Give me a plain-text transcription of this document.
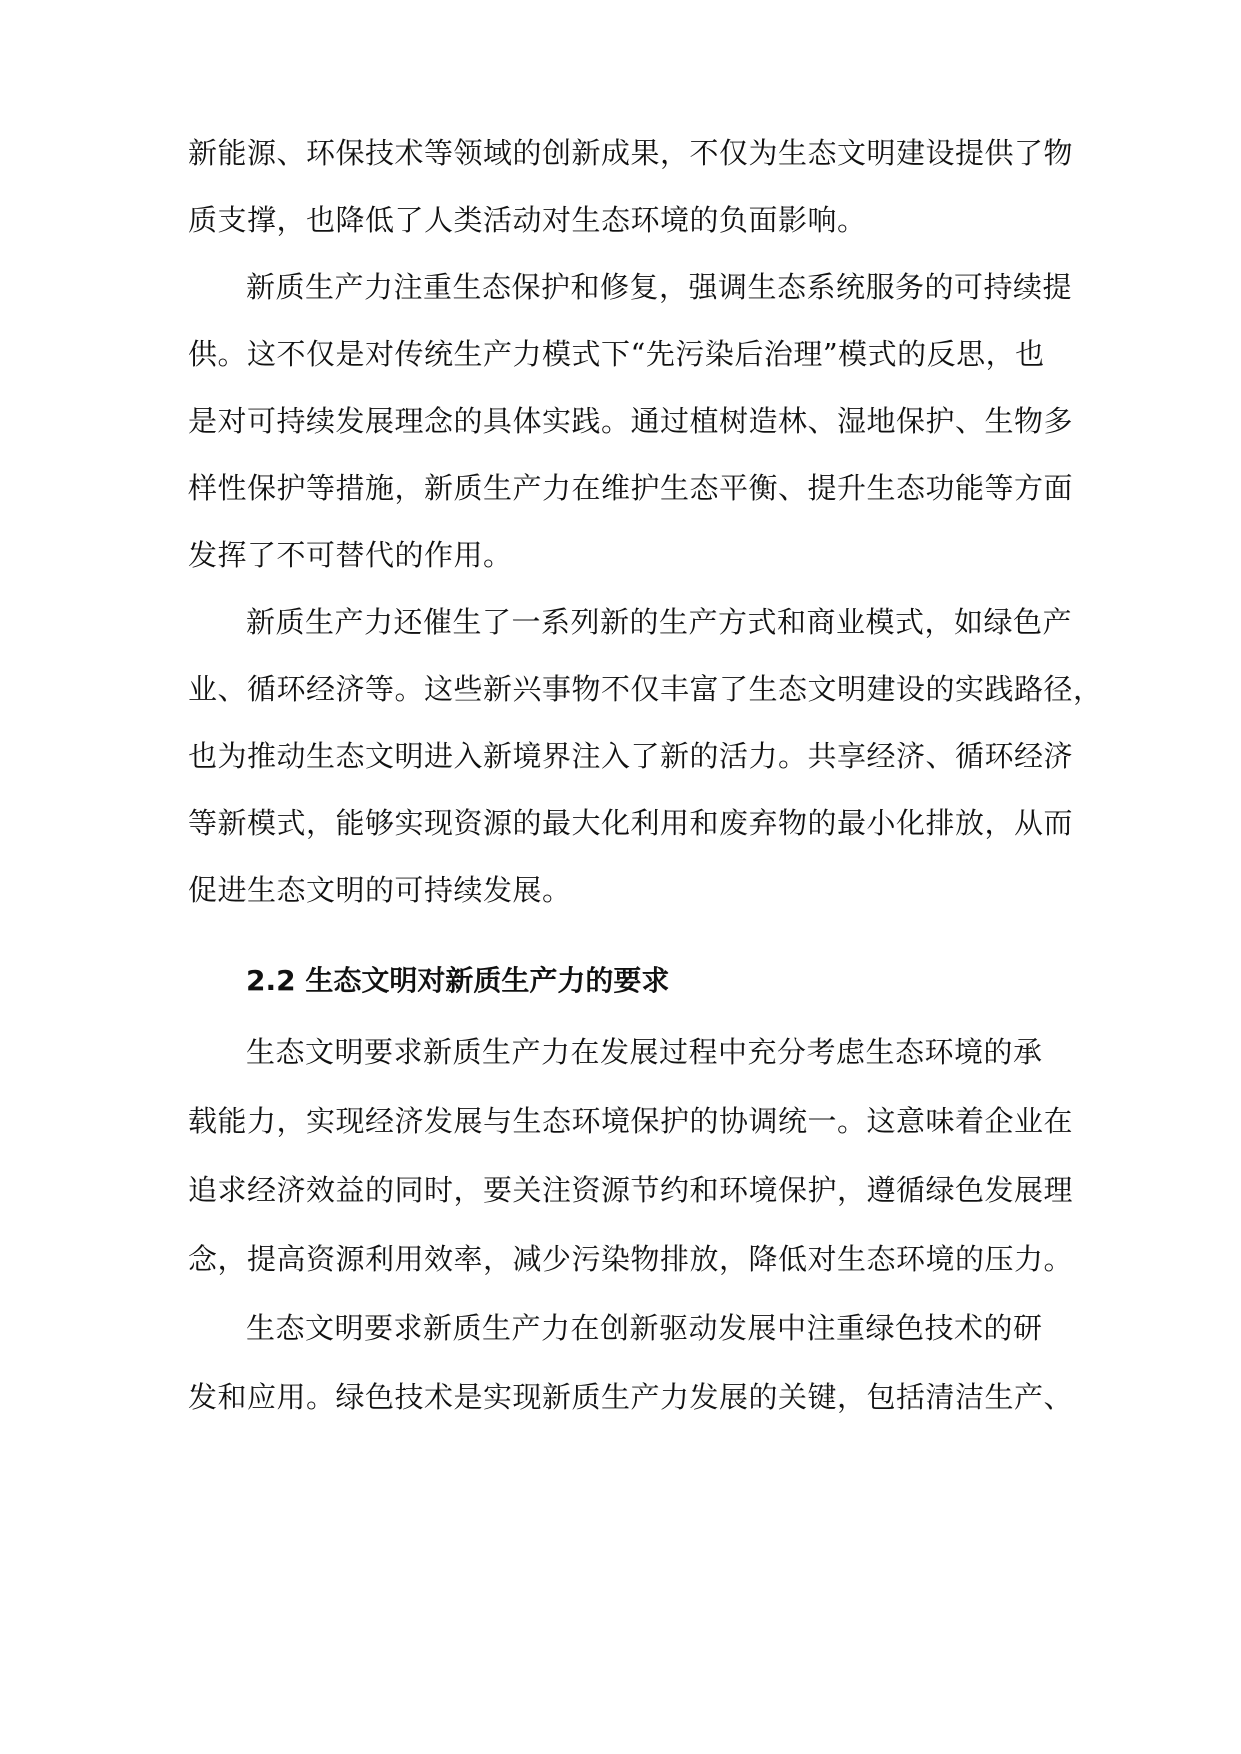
新能源、环保技术等领域的创新成果，不仅为生态文明建设提供了物
质支撑，也降低了人类活动对生态环境的负面影响。
新质生产力注重生态保护和修复，强调生态系统服务的可持续提
供。这不仅是对传统生产力模式下“先污染后治理”模式的反思，也
是对可持续发展理念的具体实践。通过植树造林、湿地保护、生物多
样性保护等措施，新质生产力在维护生态平衡、提升生态功能等方面
发挥了不可替代的作用。
新质生产力还催生了一系列新的生产方式和商业模式，如绿色产
业、循环经济等。这些新兴事物不仅丰富了生态文明建设的实践路径，
也为推动生态文明进入新境界注入了新的活力。共享经济、循环经济
等新模式，能够实现资源的最大化利用和废弃物的最小化排放，从而
促进生态文明的可持续发展。
2.2 生态文明对新质生产力的要求
生态文明要求新质生产力在发展过程中充分考虑生态环境的承
载能力，实现经济发展与生态环境保护的协调统一。这意味着企业在
追求经济效益的同时，要关注资源节约和环境保护，遵循绿色发展理
念，提高资源利用效率，减少污染物排放，降低对生态环境的压力。
生态文明要求新质生产力在创新驱动发展中注重绿色技术的研
发和应用。绿色技术是实现新质生产力发展的关键，包括清洁生产、
